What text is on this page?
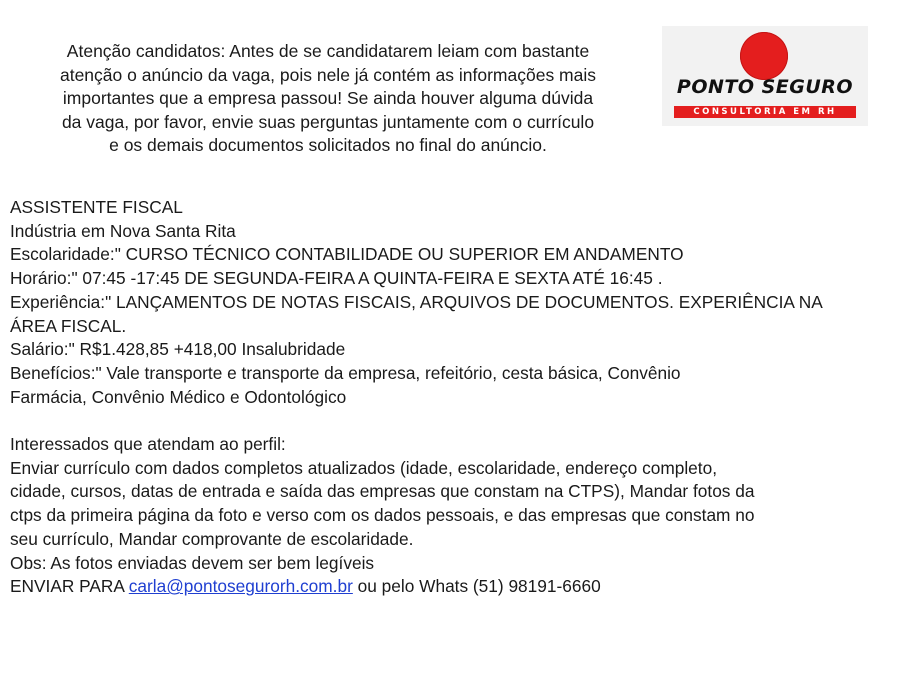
Atenção candidatos: Antes de se candidatarem leiam com bastante
atenção o anúncio da vaga, pois nele já contém as informações mais
importantes que a empresa passou! Se ainda houver alguma dúvida
da vaga, por favor, envie suas perguntas juntamente com o currículo
e os demais documentos solicitados no final do anúncio.
PONTO SEGURO
CONSULTORIA EM RH

ASSISTENTE FISCAL

Indústria em Nova Santa Rita

Escolaridade:" CURSO TÉCNICO CONTABILIDADE OU SUPERIOR EM ANDAMENTO

Horário:" 07:45 -17:45 DE SEGUNDA-FEIRA A QUINTA-FEIRA E SEXTA ATÉ 16:45 .

Experiência:" LANÇAMENTOS DE NOTAS FISCAIS, ARQUIVOS DE DOCUMENTOS. EXPERIÊNCIA NA

ÁREA FISCAL.

Salário:" R$1.428,85 +418,00 Insalubridade

Benefícios:" Vale transporte e transporte da empresa, refeitório, cesta básica, Convênio

Farmácia, Convênio Médico e Odontológico

Interessados que atendam ao perfil:

Enviar currículo com dados completos atualizados (idade, escolaridade, endereço completo,

cidade, cursos, datas de entrada e saída das empresas que constam na CTPS), Mandar fotos da

ctps da primeira página da foto e verso com os dados pessoais, e das empresas que constam no

seu currículo, Mandar comprovante de escolaridade.

Obs: As fotos enviadas devem ser bem legíveis

ENVIAR PARA carla@pontosegurorh.com.br ou pelo Whats (51) 98191-6660
